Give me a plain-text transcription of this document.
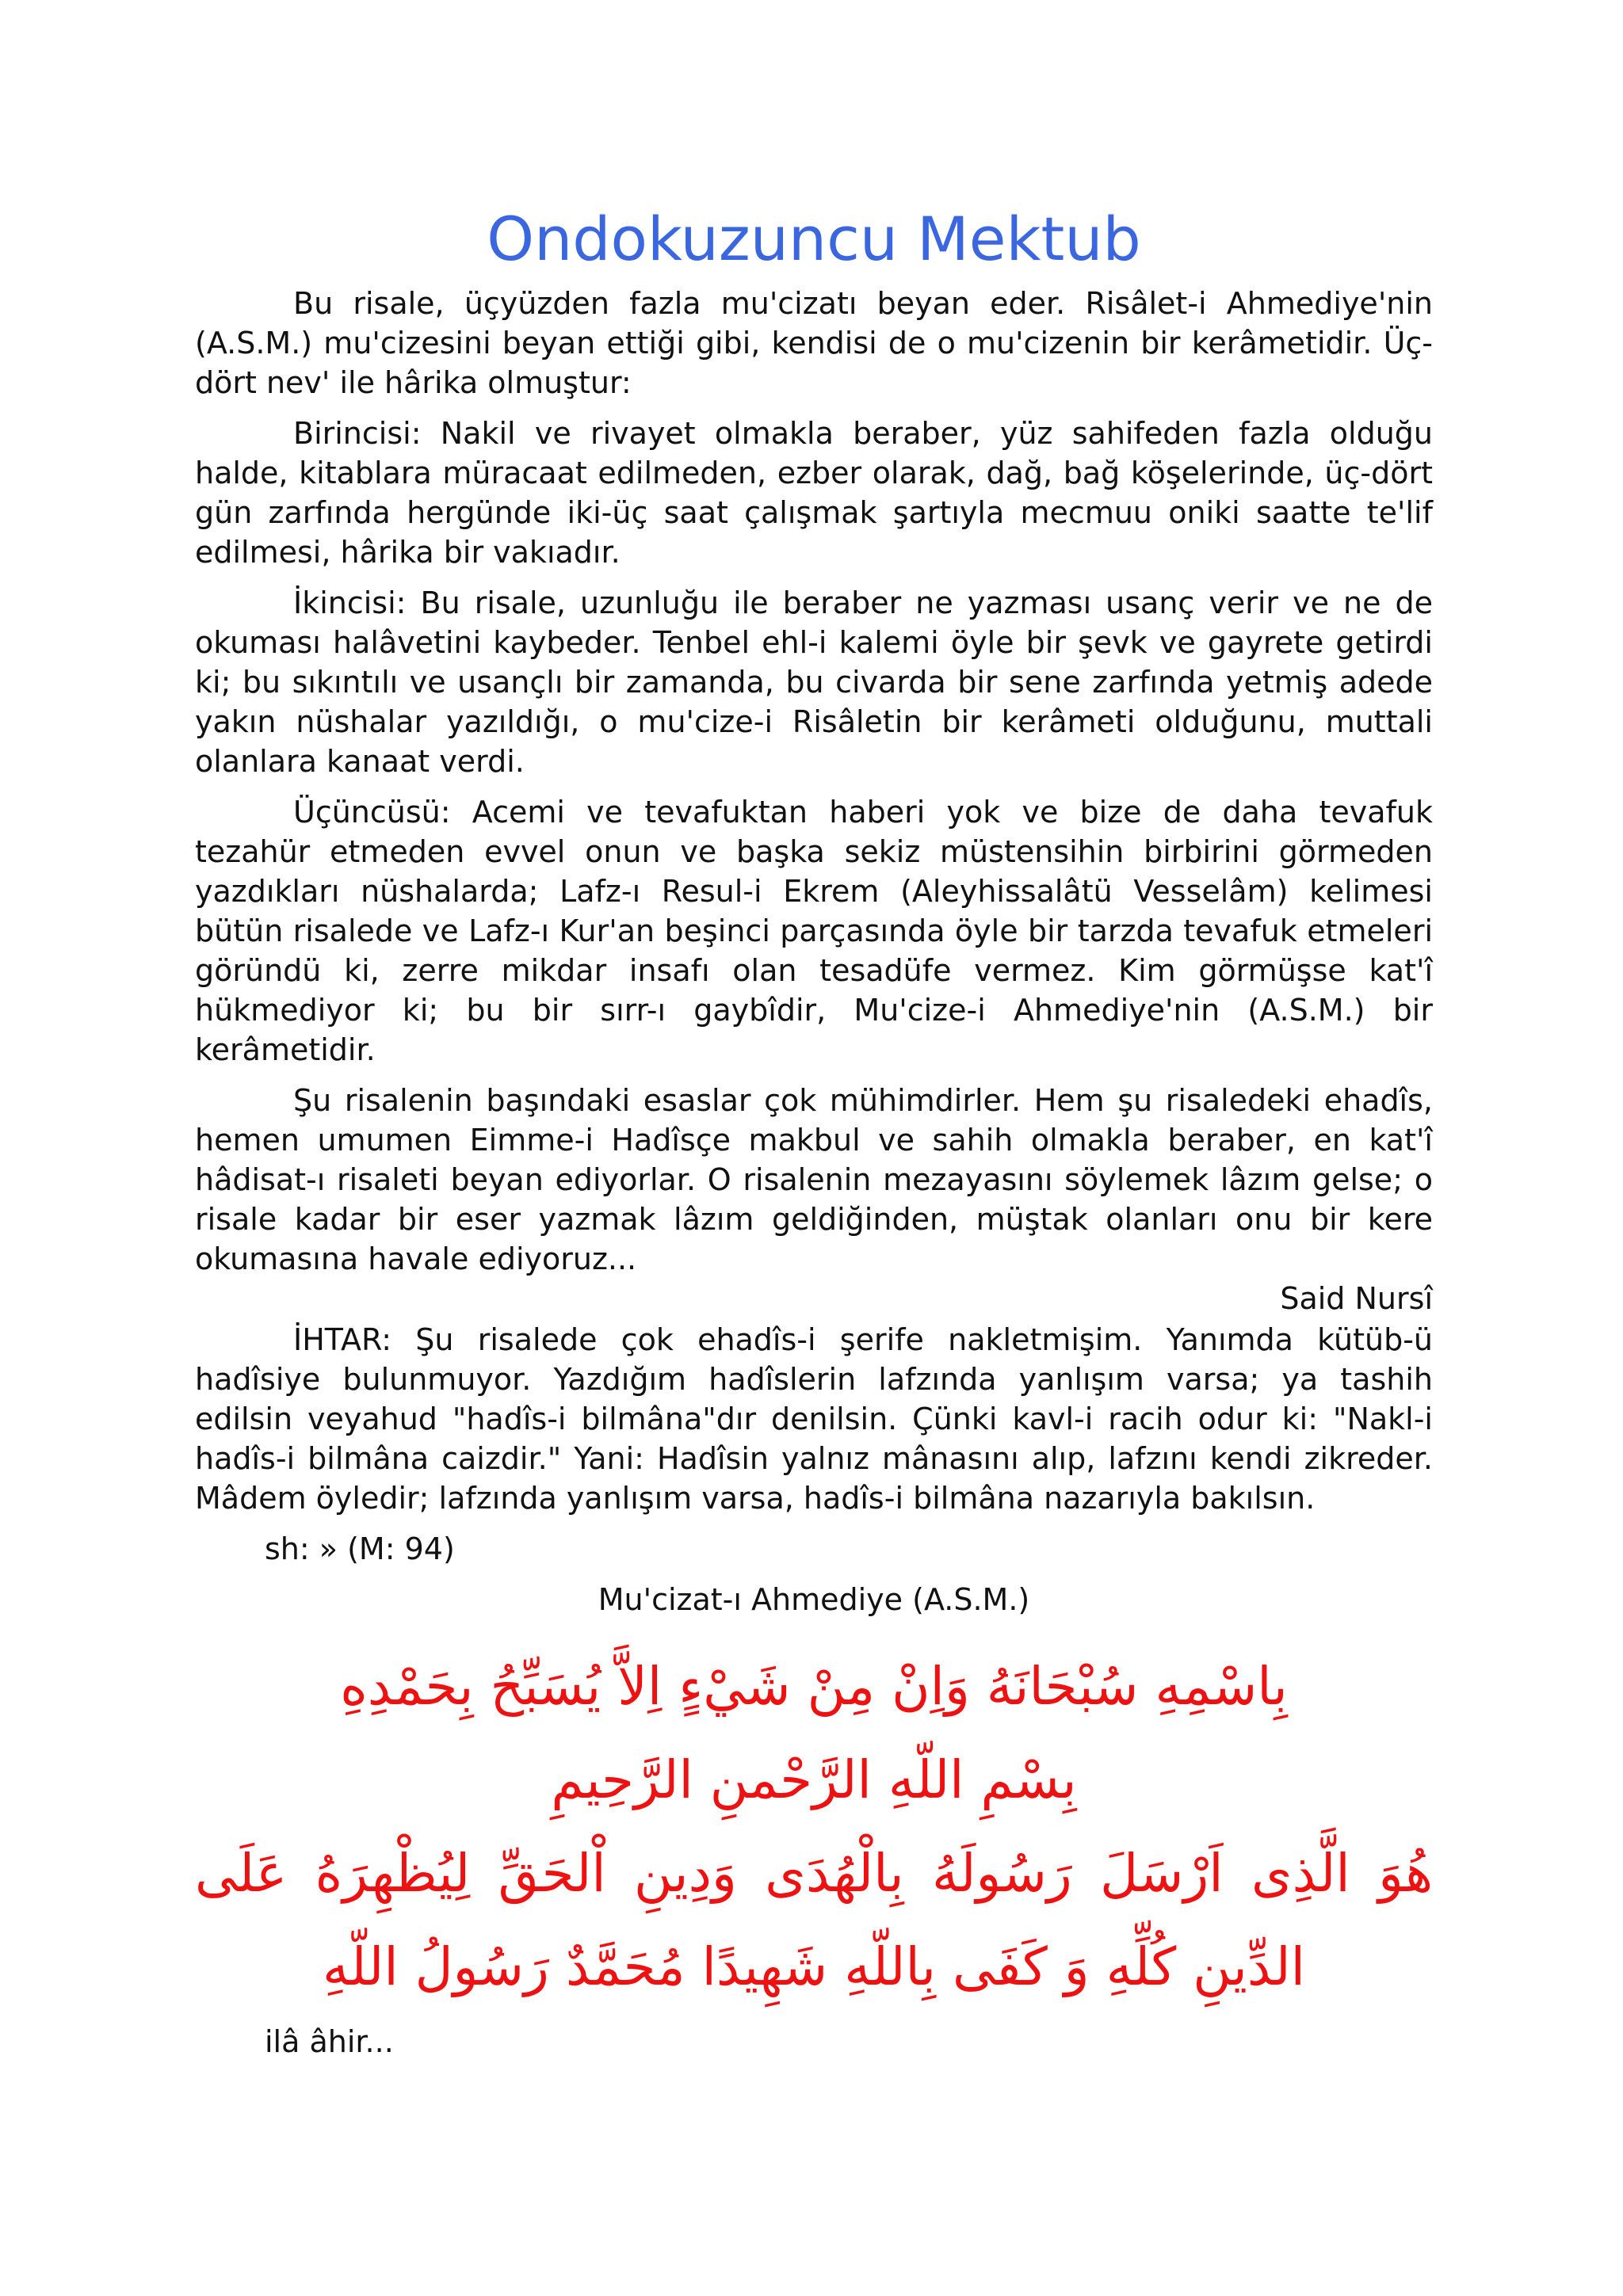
Ondokuzuncu Mektub

Bu risale, üçyüzden fazla mu'cizatı beyan eder. Risâlet-i Ahmediye'nin (A.S.M.) mu'cizesini beyan ettiği gibi, kendisi de o mu'cizenin bir kerâmetidir. Üç-dört nev' ile hârika olmuştur:

Birincisi: Nakil ve rivayet olmakla beraber, yüz sahifeden fazla olduğu halde, kitablara müracaat edilmeden, ezber olarak, dağ, bağ köşelerinde, üç-dört gün zarfında hergünde iki-üç saat çalışmak şartıyla mecmuu oniki saatte te'lif edilmesi, hârika bir vakıadır.

İkincisi: Bu risale, uzunluğu ile beraber ne yazması usanç verir ve ne de okuması halâvetini kaybeder. Tenbel ehl-i kalemi öyle bir şevk ve gayrete getirdi ki; bu sıkıntılı ve usançlı bir zamanda, bu civarda bir sene zarfında yetmiş adede yakın nüshalar yazıldığı, o mu'cize-i Risâletin bir kerâmeti olduğunu, muttali olanlara kanaat verdi.

Üçüncüsü: Acemi ve tevafuktan haberi yok ve bize de daha tevafuk tezahür etmeden evvel onun ve başka sekiz müstensihin birbirini görmeden yazdıkları nüshalarda; Lafz-ı Resul-i Ekrem (Aleyhissalâtü Vesselâm) kelimesi bütün risalede ve Lafz-ı Kur'an beşinci parçasında öyle bir tarzda tevafuk etmeleri göründü ki, zerre mikdar insafı olan tesadüfe vermez. Kim görmüşse kat'î hükmediyor ki; bu bir sırr-ı gaybîdir, Mu'cize-i Ahmediye'nin (A.S.M.) bir kerâmetidir.

Şu risalenin başındaki esaslar çok mühimdirler. Hem şu risaledeki ehadîs, hemen umumen Eimme-i Hadîsçe makbul ve sahih olmakla beraber, en kat'î hâdisat-ı risaleti beyan ediyorlar. O risalenin mezayasını söylemek lâzım gelse; o risale kadar bir eser yazmak lâzım geldiğinden, müştak olanları onu bir kere okumasına havale ediyoruz...

Said Nursî

İHTAR: Şu risalede çok ehadîs-i şerife nakletmişim. Yanımda kütüb-ü hadîsiye bulunmuyor. Yazdığım hadîslerin lafzında yanlışım varsa; ya tashih edilsin veyahud "hadîs-i bilmâna"dır denilsin. Çünki kavl-i racih odur ki: "Nakl-i hadîs-i bilmâna caizdir." Yani: Hadîsin yalnız mânasını alıp, lafzını kendi zikreder. Mâdem öyledir; lafzında yanlışım varsa, hadîs-i bilmâna nazarıyla bakılsın.

sh: » (M: 94)
Mu'cizat-ı Ahmediye (A.S.M.)

بِاسْمِهِ سُبْحَانَهُ وَاِنْ مِنْ شَيْءٍ اِلاَّ يُسَبِّحُ بِحَمْدِهِ

بِسْمِ اللّهِ الرَّحْمنِ الرَّحِيمِ

هُوَ الَّذِى اَرْسَلَ رَسُولَهُ بِالْهُدَى وَدِينِ اْلحَقِّ لِيُظْهِرَهُ عَلَى الدِّينِ كُلِّهِ وَ كَفَى بِاللّهِ شَهِيدًا مُحَمَّدٌ رَسُولُ اللّهِ

ilâ âhir...
